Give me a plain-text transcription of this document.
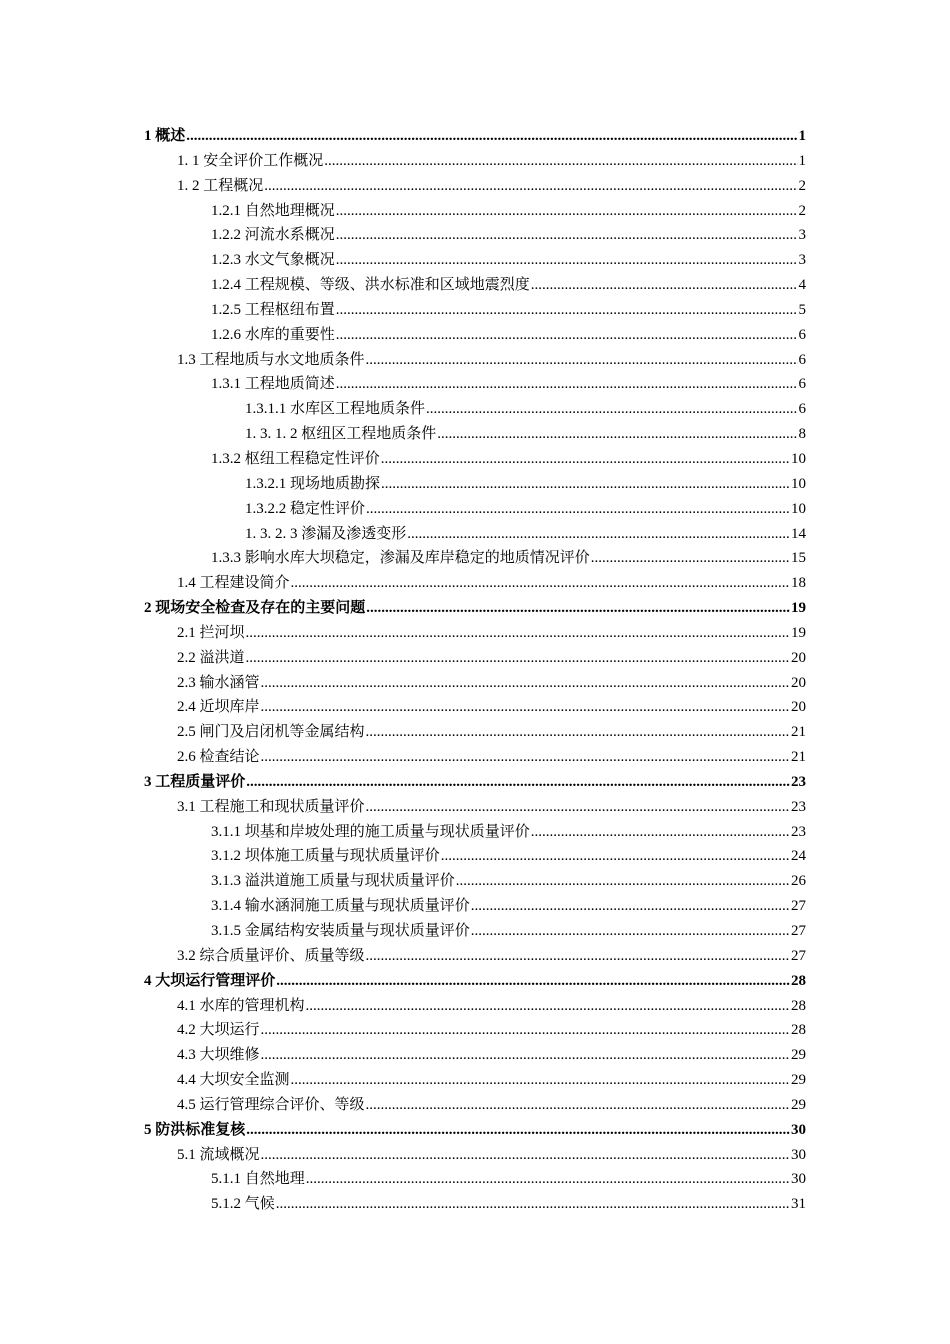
1 概述 .....	1
1. 1 安全评价工作概况 .....	1
1. 2 工程概况 .....	2
1.2.1 自然地理概况 .....	2
1.2.2 河流水系概况 .....	3
1.2.3 水文气象概况 .....	3
1.2.4 工程规模、等级、洪水标准和区域地震烈度 .....	4
1.2.5 工程枢纽布置 .....	5
1.2.6 水库的重要性 .....	6
1.3 工程地质与水文地质条件 .....	6
1.3.1 工程地质简述 .....	6
1.3.1.1 水库区工程地质条件 .....	6
1. 3. 1. 2 枢纽区工程地质条件 .....	8
1.3.2 枢纽工程稳定性评价 .....	10
1.3.2.1 现场地质勘探 .....	10
1.3.2.2 稳定性评价 .....	10
1. 3. 2. 3 渗漏及渗透变形 .....	14
1.3.3 影响水库大坝稳定，渗漏及库岸稳定的地质情况评价 .....	15
1.4 工程建设简介 .....	18
2 现场安全检查及存在的主要问题 .....	19
2.1 拦河坝 .....	19
2.2 溢洪道 .....	20
2.3 输水涵管 .....	20
2.4 近坝库岸 .....	20
2.5 闸门及启闭机等金属结构 .....	21
2.6 检查结论 .....	21
3 工程质量评价 .....	23
3.1 工程施工和现状质量评价 .....	23
3.1.1 坝基和岸坡处理的施工质量与现状质量评价 .....	23
3.1.2 坝体施工质量与现状质量评价 .....	24
3.1.3 溢洪道施工质量与现状质量评价 .....	26
3.1.4 输水涵洞施工质量与现状质量评价 .....	27
3.1.5 金属结构安装质量与现状质量评价 .....	27
3.2 综合质量评价、质量等级 .....	27
4 大坝运行管理评价 .....	28
4.1 水库的管理机构 .....	28
4.2 大坝运行 .....	28
4.3 大坝维修 .....	29
4.4 大坝安全监测 .....	29
4.5 运行管理综合评价、等级 .....	29
5 防洪标准复核 .....	30
5.1 流域概况 .....	30
5.1.1 自然地理 .....	30
5.1.2 气候 .....	31
